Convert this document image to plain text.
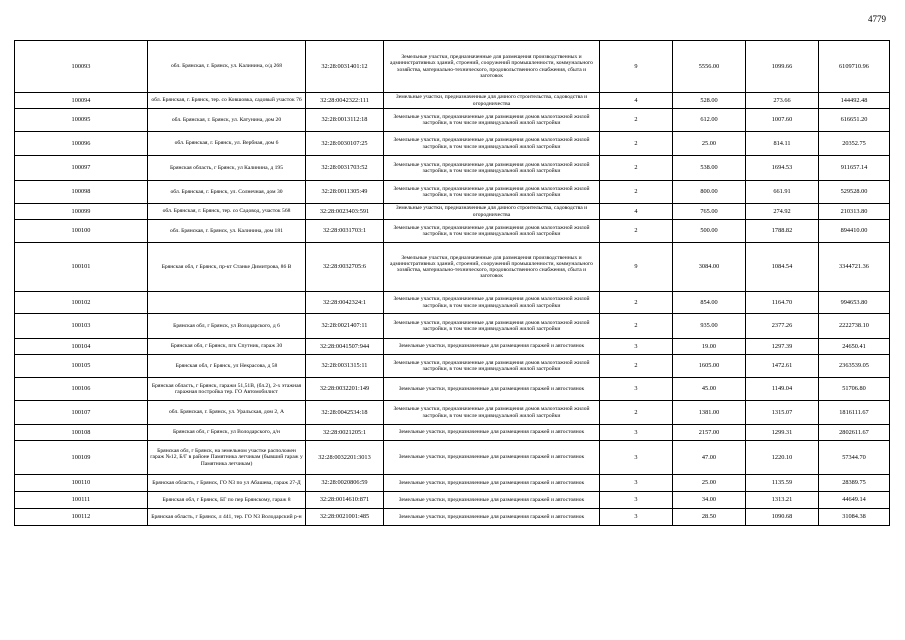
4779
100093	обл. Брянская, г. Брянск, ул. Калинина, о/д 268	32:28:0031401:12	Земельные участки, предназначенные для размещения производственных и административных зданий, строений, сооружений промышленности, коммунального хозяйства, материально-технического, продовольственного снабжения, сбыта и заготовок	9	5556.00	1099.66	6109710.96
100094	обл. Брянская, г. Брянск, тер. со Ковшовка, садовый участок 76	32:28:0042322:111	Земельные участки, предназначенные для дачного строительства, садоводства и огородничества	4	528.00	273.66	144492.48
100095	обл. Брянская, г. Брянск, ул. Катунина, дом 20	32:28:0013112:18	Земельные участки, предназначенные для размещения домов малоэтажной жилой застройки, в том числе индивидуальной жилой застройки	2	612.00	1007.60	616651.20
100096	обл. Брянская, г. Брянск, ул. Вербная, дом 6	32:28:0030107:25	Земельные участки, предназначенные для размещения домов малоэтажной жилой застройки, в том числе индивидуальной жилой застройки	2	25.00	814.11	20352.75
100097	Брянская область, г Брянск, ул Калинина, д 195	32:28:0031703:52	Земельные участки, предназначенные для размещения домов малоэтажной жилой застройки, в том числе индивидуальной жилой застройки	2	538.00	1694.53	911657.14
100098	обл. Брянская, г. Брянск, ул. Солнечная, дом 30	32:28:0011305:49	Земельные участки, предназначенные для размещения домов малоэтажной жилой застройки, в том числе индивидуальной жилой застройки	2	800.00	661.91	529528.00
100099	обл. Брянская, г. Брянск, тер. со Садовод, участок 568	32:28:0023403:591	Земельные участки, предназначенные для дачного строительства, садоводства и огородничества	4	765.00	274.92	210313.80
100100	обл. Брянская, г. Брянск, ул. Калинина, дом 181	32:28:0031703:1	Земельные участки, предназначенные для размещения домов малоэтажной жилой застройки, в том числе индивидуальной жилой застройки	2	500.00	1788.82	894410.00
100101	Брянская обл, г Брянск, пр-кт Станке Димитрова, 86 В	32:28:0032705:6	Земельные участки, предназначенные для размещения производственных и административных зданий, строений, сооружений промышленности, коммунального хозяйства, материально-технического, продовольственного снабжения, сбыта и заготовок	9	3084.00	1084.54	3344721.36
100102		32:28:0042324:1	Земельные участки, предназначенные для размещения домов малоэтажной жилой застройки, в том числе индивидуальной жилой застройки	2	854.00	1164.70	994653.80
100103	Брянская обл, г Брянск, ул Володарского, д 6	32:28:0021407:11	Земельные участки, предназначенные для размещения домов малоэтажной жилой застройки, в том числе индивидуальной жилой застройки	2	935.00	2377.26	2222738.10
100104	Брянская обл, г Брянск, пгк Спутник, гараж 30	32:28:0041507:944	Земельные участки, предназначенные для размещения гаражей и автостоянок	3	19.00	1297.39	24650.41
100105	Брянская обл, г Брянск, ул Некрасова, д 58	32:28:0031315:11	Земельные участки, предназначенные для размещения домов малоэтажной жилой застройки, в том числе индивидуальной жилой застройки	2	1605.00	1472.61	2363539.05
100106	Брянская область, г Брянск, гаражи 51,51В, (бл.2), 2-х этажная гаражная постройка тер. ГО Автомобилист	32:28:0032201:149	Земельные участки, предназначенные для размещения гаражей и автостоянок	3	45.00	1149.04	51706.80
100107	обл. Брянская, г. Брянск, ул. Уральская, дом 2, А	32:28:0042534:18	Земельные участки, предназначенные для размещения домов малоэтажной жилой застройки, в том числе индивидуальной жилой застройки	2	1381.00	1315.07	1816111.67
100108	Брянская обл, г Брянск, ул Володарского, д/н	32:28:0021205:1	Земельные участки, предназначенные для размещения гаражей и автостоянок	3	2157.00	1299.31	2802611.67
100109	Брянская обл, г Брянск, на земельном участке расположен гараж №12, Б/Г в районе Памятника летчикам (бывший гараж у Памятника летчикам)	32:28:0032201:3013	Земельные участки, предназначенные для размещения гаражей и автостоянок	3	47.00	1220.10	57344.70
100110	Брянская область, г Брянск, ГО N3 по ул Абашева, гараж 27-Д	32:28:0020806:59	Земельные участки, предназначенные для размещения гаражей и автостоянок	3	25.00	1135.59	28389.75
100111	Брянская обл, г Брянск, БГ по пер Брянскому, гараж 8	32:28:0014610:871	Земельные участки, предназначенные для размещения гаражей и автостоянок	3	34.00	1313.21	44649.14
100112	Брянская область, г Брянск, л 441, тер. ГО N3 Володарский р-н	32:28:0021001:485	Земельные участки, предназначенные для размещения гаражей и автостоянок	3	28.50	1090.68	31084.38
